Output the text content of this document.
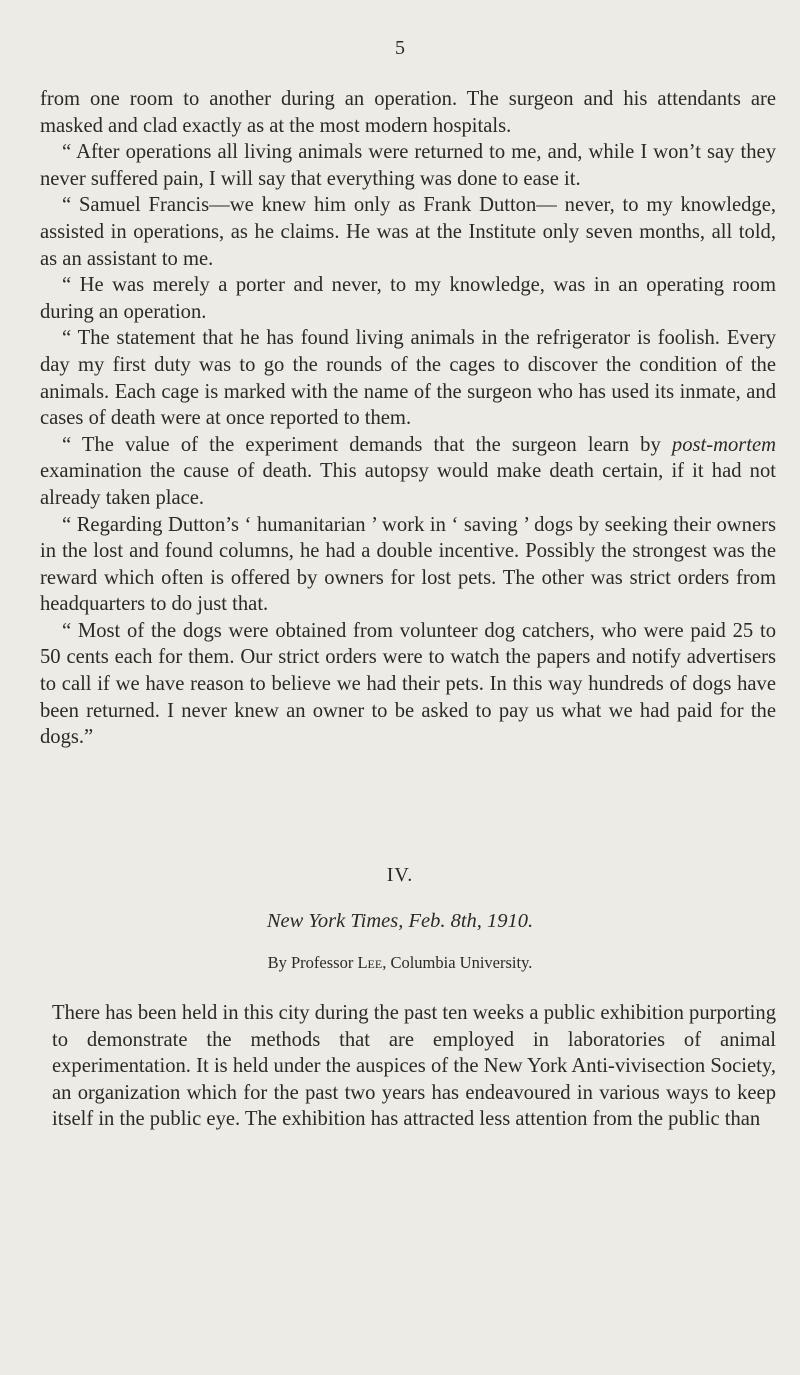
5

from one room to another during an operation. The surgeon and his attendants are masked and clad exactly as at the most modern hospitals.

“ After operations all living animals were returned to me, and, while I won’t say they never suffered pain, I will say that everything was done to ease it.

“ Samuel Francis—we knew him only as Frank Dutton— never, to my knowledge, assisted in operations, as he claims. He was at the Institute only seven months, all told, as an assistant to me.

“ He was merely a porter and never, to my knowledge, was in an operating room during an operation.

“ The statement that he has found living animals in the refrigerator is foolish. Every day my first duty was to go the rounds of the cages to discover the condition of the animals. Each cage is marked with the name of the surgeon who has used its inmate, and cases of death were at once reported to them.

“ The value of the experiment demands that the surgeon learn by post-mortem examination the cause of death. This autopsy would make death certain, if it had not already taken place.

“ Regarding Dutton’s ‘ humanitarian ’ work in ‘ saving ’ dogs by seeking their owners in the lost and found columns, he had a double incentive. Possibly the strongest was the reward which often is offered by owners for lost pets. The other was strict orders from headquarters to do just that.

“ Most of the dogs were obtained from volunteer dog catchers, who were paid 25 to 50 cents each for them. Our strict orders were to watch the papers and notify advertisers to call if we have reason to believe we had their pets. In this way hundreds of dogs have been returned. I never knew an owner to be asked to pay us what we had paid for the dogs.”

IV.
New York Times, Feb. 8th, 1910.
By Professor Lee, Columbia University.

There has been held in this city during the past ten weeks a public exhibition purporting to demonstrate the methods that are employed in laboratories of animal experimentation. It is held under the auspices of the New York Anti-vivisection Society, an organization which for the past two years has endeavoured in various ways to keep itself in the public eye. The exhibition has attracted less attention from the public than
